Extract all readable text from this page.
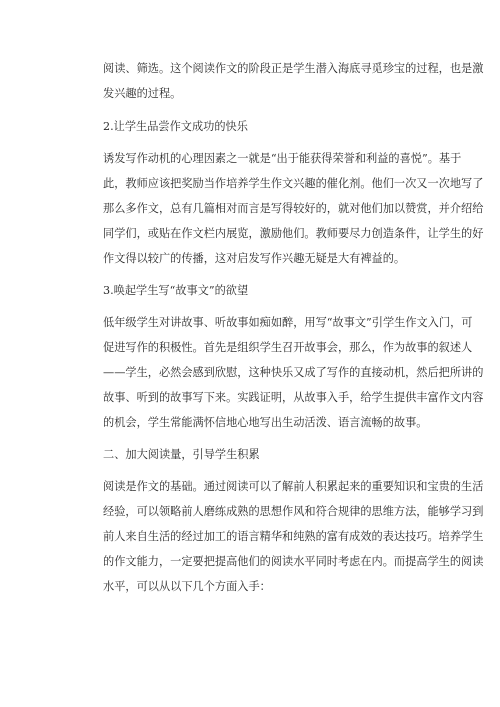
阅读、筛选。这个阅读作文的阶段正是学生潜入海底寻觅珍宝的过程，也是激
发兴趣的过程。
2.让学生品尝作文成功的快乐
诱发写作动机的心理因素之一就是“出于能获得荣誉和利益的喜悦”。基于
此，教师应该把奖励当作培养学生作文兴趣的催化剂。他们一次又一次地写了
那么多作文，总有几篇相对而言是写得较好的，就对他们加以赞赏，并介绍给
同学们，或贴在作文栏内展览，激励他们。教师要尽力创造条件，让学生的好
作文得以较广的传播，这对启发写作兴趣无疑是大有裨益的。
3.唤起学生写“故事文”的欲望
低年级学生对讲故事、听故事如痴如醉，用写“故事文”引学生作文入门，可
促进写作的积极性。首先是组织学生召开故事会，那么，作为故事的叙述人
——学生，必然会感到欣慰，这种快乐又成了写作的直接动机，然后把所讲的
故事、听到的故事写下来。实践证明，从故事入手，给学生提供丰富作文内容
的机会，学生常能满怀信地心地写出生动活泼、语言流畅的故事。
二、加大阅读量，引导学生积累
阅读是作文的基础。通过阅读可以了解前人积累起来的重要知识和宝贵的生活
经验，可以领略前人磨练成熟的思想作风和符合规律的思维方法，能够学习到
前人来自生活的经过加工的语言精华和纯熟的富有成效的表达技巧。培养学生
的作文能力，一定要把提高他们的阅读水平同时考虑在内。而提高学生的阅读
水平，可以从以下几个方面入手：
